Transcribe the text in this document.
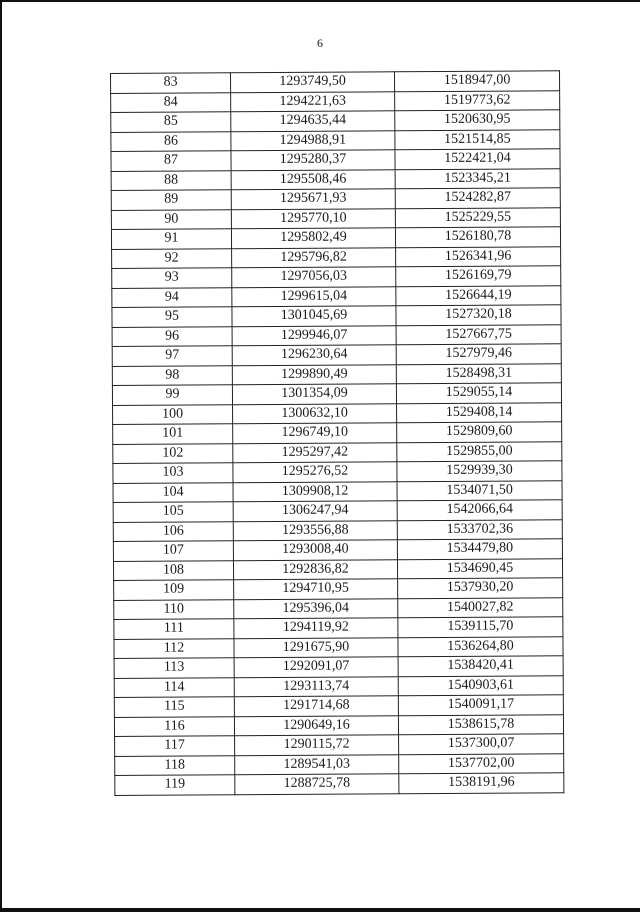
6
83	1293749,50	1518947,00
84	1294221,63	1519773,62
85	1294635,44	1520630,95
86	1294988,91	1521514,85
87	1295280,37	1522421,04
88	1295508,46	1523345,21
89	1295671,93	1524282,87
90	1295770,10	1525229,55
91	1295802,49	1526180,78
92	1295796,82	1526341,96
93	1297056,03	1526169,79
94	1299615,04	1526644,19
95	1301045,69	1527320,18
96	1299946,07	1527667,75
97	1296230,64	1527979,46
98	1299890,49	1528498,31
99	1301354,09	1529055,14
100	1300632,10	1529408,14
101	1296749,10	1529809,60
102	1295297,42	1529855,00
103	1295276,52	1529939,30
104	1309908,12	1534071,50
105	1306247,94	1542066,64
106	1293556,88	1533702,36
107	1293008,40	1534479,80
108	1292836,82	1534690,45
109	1294710,95	1537930,20
110	1295396,04	1540027,82
111	1294119,92	1539115,70
112	1291675,90	1536264,80
113	1292091,07	1538420,41
114	1293113,74	1540903,61
115	1291714,68	1540091,17
116	1290649,16	1538615,78
117	1290115,72	1537300,07
118	1289541,03	1537702,00
119	1288725,78	1538191,96
